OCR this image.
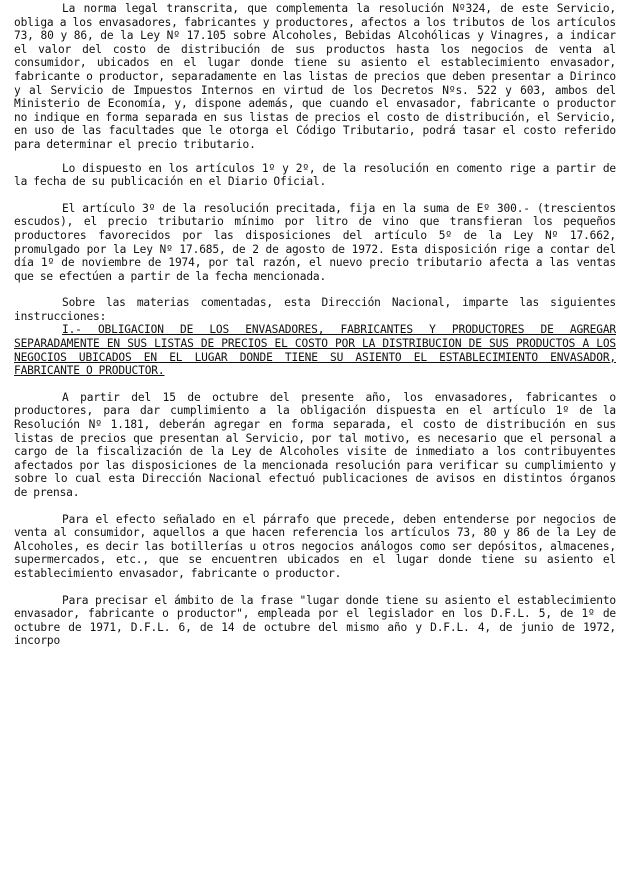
La norma legal transcrita, que complementa la resolución Nº324, de este Servicio, obliga a los envasadores, fabricantes y productores, afectos a los tributos de los artículos 73, 80 y 86, de la Ley Nº 17.105 sobre Alcoholes, Bebidas Alcohólicas y Vinagres, a indicar el valor del costo de distribución de sus productos hasta los negocios de venta al consumidor, ubicados en el lugar donde tiene su asiento el establecimiento envasador, fabricante o productor, separadamente en las listas de precios que deben presentar a Dirinco y al Servicio de Impuestos Internos en virtud de los Decretos Nºs. 522 y 603, ambos del Ministerio de Economía, y, dispone además, que cuando el envasador, fabricante o productor no indique en forma separada en sus listas de precios el costo de distribución, el Servicio, en uso de las facultades que le otorga el Código Tributario, podrá tasar el costo referido para determinar el precio tributario.

Lo dispuesto en los artículos 1º y 2º, de la resolución en comento rige a partir de la fecha de su publicación en el Diario Oficial.

El artículo 3º de la resolución precitada, fija en la suma de Eº 300.- (trescientos escudos), el precio tributario mínimo por litro de vino que transfieran los pequeños productores favorecidos por las disposiciones del artículo 5º de la Ley Nº 17.662, promulgado por la Ley Nº 17.685, de 2 de agosto de 1972. Esta disposición rige a contar del día 1º de noviembre de 1974, por tal razón, el nuevo precio tributario afecta a las ventas que se efectúen a partir de la fecha mencionada.

Sobre las materias comentadas, esta Dirección Nacional, imparte las siguientes instrucciones:

I.- OBLIGACION DE LOS ENVASADORES, FABRICANTES Y PRODUCTORES DE AGREGAR SEPARADAMENTE EN SUS LISTAS DE PRECIOS EL COSTO POR LA DISTRIBUCION DE SUS PRODUCTOS A LOS NEGOCIOS UBICADOS EN EL LUGAR DONDE TIENE SU ASIENTO EL ESTABLECIMIENTO ENVASADOR, FABRICANTE O PRODUCTOR.

A partir del 15 de octubre del presente año, los envasadores, fabricantes o productores, para dar cumplimiento a la obligación dispuesta en el artículo 1º de la Resolución Nº 1.181, deberán agregar en forma separada, el costo de distribución en sus listas de precios que presentan al Servicio, por tal motivo, es necesario que el personal a cargo de la fiscalización de la Ley de Alcoholes visite de inmediato a los contribuyentes afectados por las disposiciones de la mencionada resolución para verificar su cumplimiento y sobre lo cual esta Dirección Nacional efectuó publicaciones de avisos en distintos órganos de prensa.

Para el efecto señalado en el párrafo que precede, deben entenderse por negocios de venta al consumidor, aquellos a que hacen referencia los artículos 73, 80 y 86 de la Ley de Alcoholes, es decir las botillerías u otros negocios análogos como ser depósitos, almacenes, supermercados, etc., que se encuentren ubicados en el lugar donde tiene su asiento el establecimiento envasador, fabricante o productor.

Para precisar el ámbito de la frase "lugar donde tiene su asiento el establecimiento envasador, fabricante o productor", empleada por el legislador en los D.F.L. 5, de 1º de octubre de 1971, D.F.L. 6, de 14 de octubre del mismo año y D.F.L. 4, de junio de 1972, incorpo
